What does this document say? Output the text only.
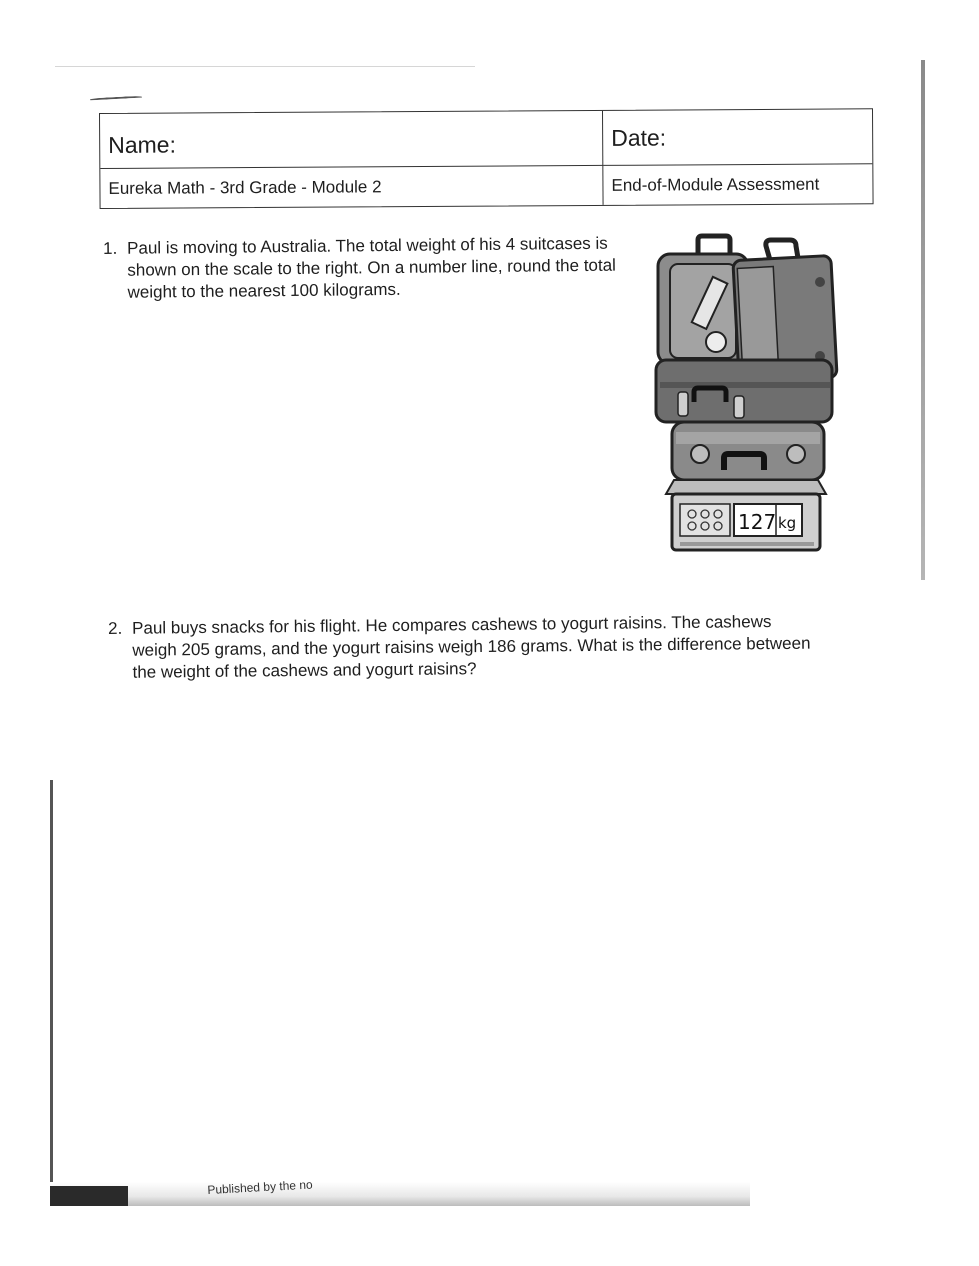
Name:	Date:
Eureka Math - 3rd Grade - Module 2	End-of-Module Assessment
1. Paul is moving to Australia. The total weight of his 4 suitcases is
shown on the scale to the right. On a number line, round the total
weight to the nearest 100 kilograms.
127 kg
2. Paul buys snacks for his flight. He compares cashews to yogurt raisins. The cashews
weigh 205 grams, and the yogurt raisins weigh 186 grams. What is the difference between
the weight of the cashews and yogurt raisins?
Published by the no
